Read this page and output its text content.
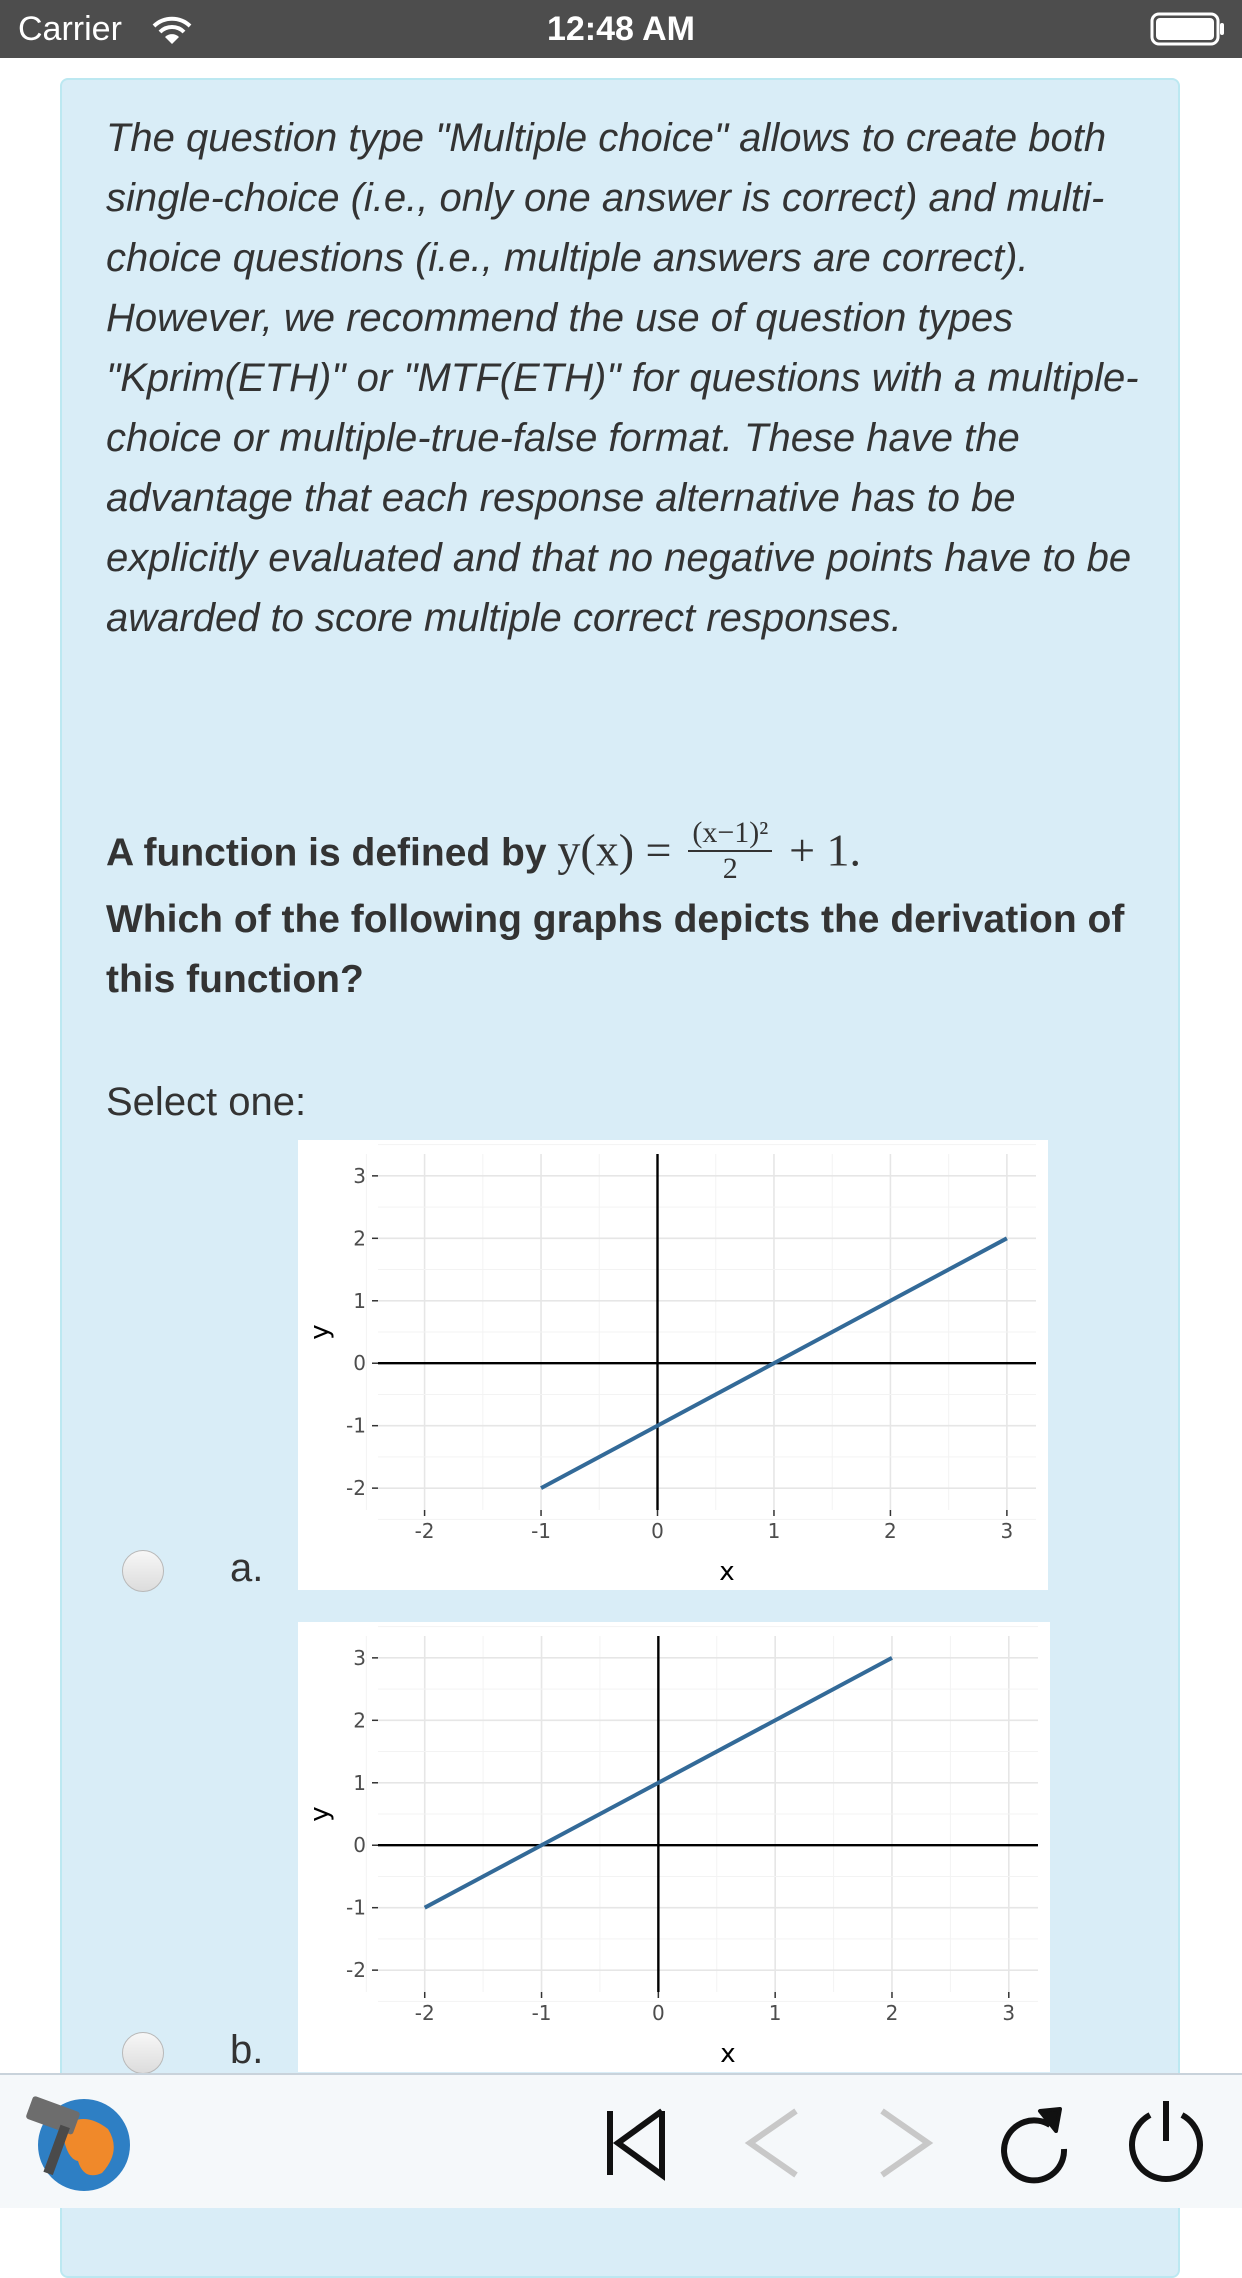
Carrier	12:48 AM

The question type "Multiple choice" allows to create both single-choice (i.e., only one answer is correct) and multi-choice questions (i.e., multiple answers are correct). However, we recommend the use of question types "Kprim(ETH)" or "MTF(ETH)" for questions with a multiple-choice or multiple-true-false format. These have the advantage that each response alternative has to be explicitly evaluated and that no negative points have to be awarded to score multiple correct responses.

A function is defined by $y(x) = \frac{\text{(x−1)²}}{2} + 1$.
Which of the following graphs depicts the derivation of this function?
Select one:
a.
-2	-1	0	1	2	3
3
2
1
0
-1
-2
x
y
b.
-2	-1	0	1	2	3
3
2
1
0
-1
-2
x
y
